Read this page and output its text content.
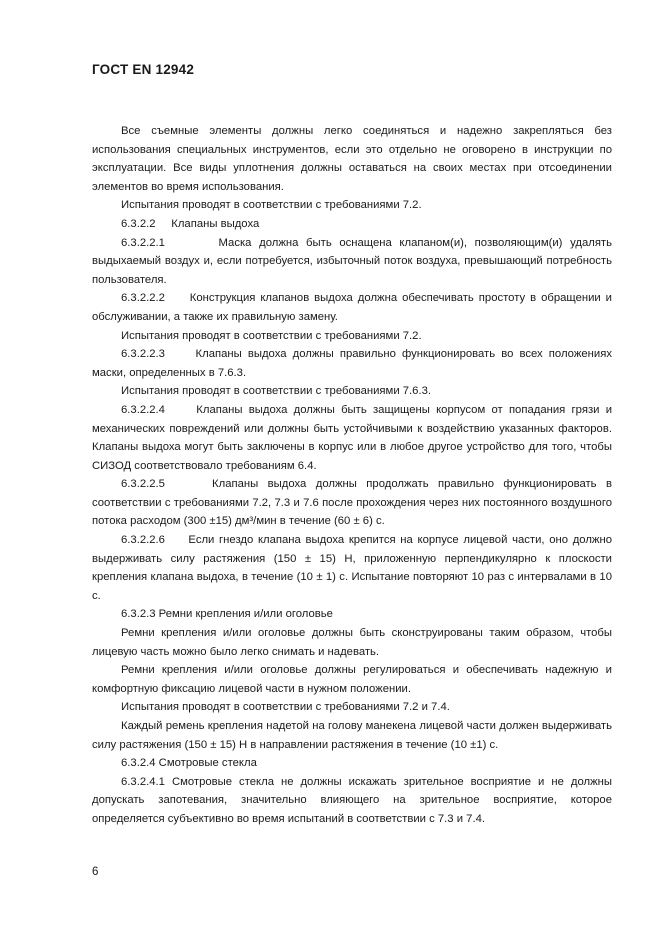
ГОСТ EN 12942

Все съемные элементы должны легко соединяться и надежно закрепляться без использования специальных инструментов, если это отдельно не оговорено в инструкции по эксплуатации. Все виды уплотнения должны оставаться на своих местах при отсоединении элементов во время использования.

Испытания проводят в соответствии с требованиями 7.2.

6.3.2.2     Клапаны выдоха

6.3.2.2.1       Маска должна быть оснащена клапаном(и), позволяющим(и) удалять выдыхаемый воздух и, если потребуется, избыточный поток воздуха, превышающий потребность пользователя.

6.3.2.2.2     Конструкция клапанов выдоха должна обеспечивать простоту в обращении и обслуживании, а также их правильную замену.

Испытания проводят в соответствии с требованиями 7.2.

6.3.2.2.3     Клапаны выдоха должны правильно функционировать во всех положениях маски, определенных в 7.6.3.

Испытания проводят в соответствии с требованиями 7.6.3.

6.3.2.2.4     Клапаны выдоха должны быть защищены корпусом от попадания грязи и механических повреждений или должны быть устойчивыми к воздействию указанных факторов. Клапаны выдоха могут быть заключены в корпус или в любое другое устройство для того, чтобы СИЗОД соответствовало требованиям 6.4.

6.3.2.2.5     Клапаны выдоха должны продолжать правильно функционировать в соответствии с требованиями 7.2, 7.3 и 7.6 после прохождения через них постоянного воздушного потока расходом (300 ±15) дм³/мин в течение (60 ± 6) с.

6.3.2.2.6     Если гнездо клапана выдоха крепится на корпусе лицевой части, оно должно выдерживать силу растяжения (150 ± 15) Н, приложенную перпендикулярно к плоскости крепления клапана выдоха, в течение (10 ± 1) с. Испытание повторяют 10 раз с интервалами в 10 с.

6.3.2.3 Ремни крепления и/или оголовье

Ремни крепления и/или оголовье должны быть сконструированы таким образом, чтобы лицевую часть можно было легко снимать и надевать.

Ремни крепления и/или оголовье должны регулироваться и обеспечивать надежную и комфортную фиксацию лицевой части в нужном положении.

Испытания проводят в соответствии с требованиями 7.2 и 7.4.

Каждый ремень крепления надетой на голову манекена лицевой части должен выдерживать силу растяжения (150 ± 15) Н в направлении растяжения в течение (10 ±1) с.

6.3.2.4 Смотровые стекла

6.3.2.4.1 Смотровые стекла не должны искажать зрительное восприятие и не должны допускать запотевания, значительно влияющего на зрительное восприятие, которое определяется субъективно во время испытаний в соответствии с 7.3 и 7.4.

6
